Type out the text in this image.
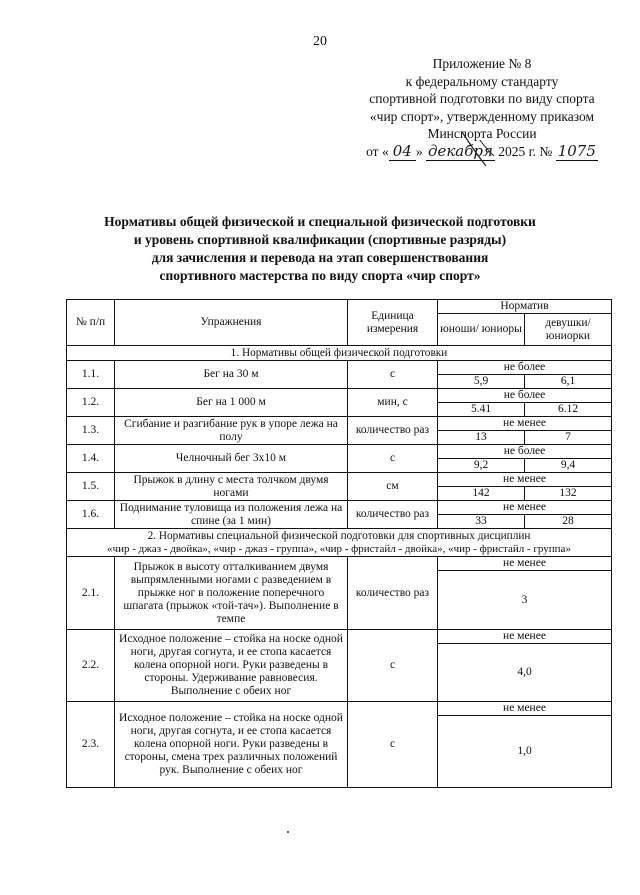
20
Приложение № 8
к федеральному стандарту
спортивной подготовки по виду спорта
«чир спорт», утвержденному приказом
Минспорта России
от « 04 » декабря 2025 г. № 1075
Нормативы общей физической и специальной физической подготовки
и уровень спортивной квалификации (спортивные разряды)
для зачисления и перевода на этап совершенствования
спортивного мастерства по виду спорта «чир спорт»
№ п/п	Упражнения	Единица измерения	Норматив	
			юноши/ юниоры	девушки/ юниорки
1. Нормативы общей физической подготовки				
1.1.	Бег на 30 м	с	не более	
			5,9	6,1
1.2.	Бег на 1 000 м	мин, с	не более	
			5.41	6.12
1.3.	Сгибание и разгибание рук в упоре лежа на полу	количество раз	не менее	
			13	7
1.4.	Челночный бег 3х10 м	с	не более	
			9,2	9,4
1.5.	Прыжок в длину с места толчком двумя ногами	см	не менее	
			142	132
1.6.	Поднимание туловища из положения лежа на спине (за 1 мин)	количество раз	не менее	
			33	28

2. Нормативы специальной физической подготовки для спортивных дисциплин
«чир - джаз - двойка», «чир - джаз - группа», «чир - фристайл - двойка», «чир - фристайл - группа»				

2.1.	Прыжок в высоту отталкиванием двумя выпрямленными ногами с разведением в прыжке ног в положение поперечного шпагата (прыжок «той-тач»). Выполнение в темпе	количество раз	не менее	
			3	
2.2.	Исходное положение – стойка на носке одной ноги, другая согнута, и ее стопа касается колена опорной ноги. Руки разведены в стороны. Удерживание равновесия. Выполнение с обеих ног	с	не менее	
			4,0	
2.3.	Исходное положение – стойка на носке одной ноги, другая согнута, и ее стопа касается колена опорной ноги. Руки разведены в стороны, смена трех различных положений рук. Выполнение с обеих ног	с	не менее	
			1,0	
